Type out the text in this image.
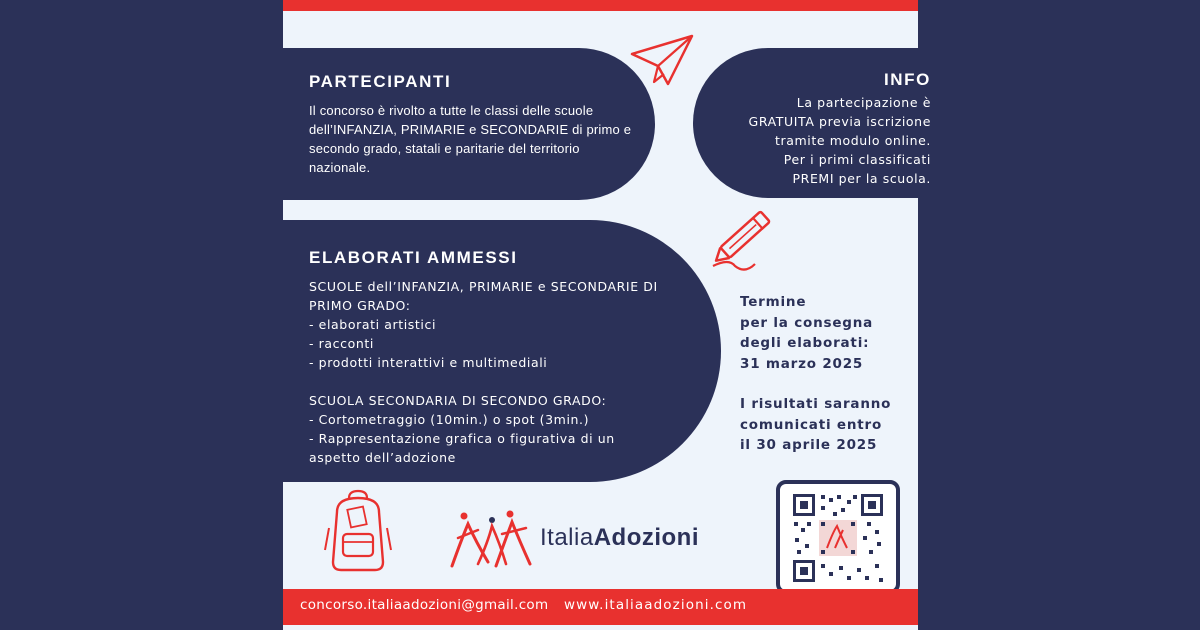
PARTECIPANTI
Il concorso è rivolto a tutte le classi delle scuole
dell’INFANZIA, PRIMARIE e SECONDARIE di primo e
secondo grado, statali e paritarie del territorio
nazionale.
INFO
La partecipazione è
GRATUITA previa iscrizione
tramite modulo online.
Per i primi classificati
PREMI per la scuola.
ELABORATI AMMESSI
SCUOLE dell’INFANZIA, PRIMARIE e SECONDARIE DI
PRIMO GRADO:
- elaborati artistici
- racconti
- prodotti interattivi e multimediali
SCUOLA SECONDARIA DI SECONDO GRADO:
- Cortometraggio (10min.) o spot (3min.)
- Rappresentazione grafica o figurativa di un
aspetto dell’adozione
Termine
per la consegna
degli elaborati:
31 marzo 2025
I risultati saranno
comunicati entro
il 30 aprile 2025
ItaliaAdozioni
concorso.italiaadozioni@gmail.com www.italiaadozioni.com
